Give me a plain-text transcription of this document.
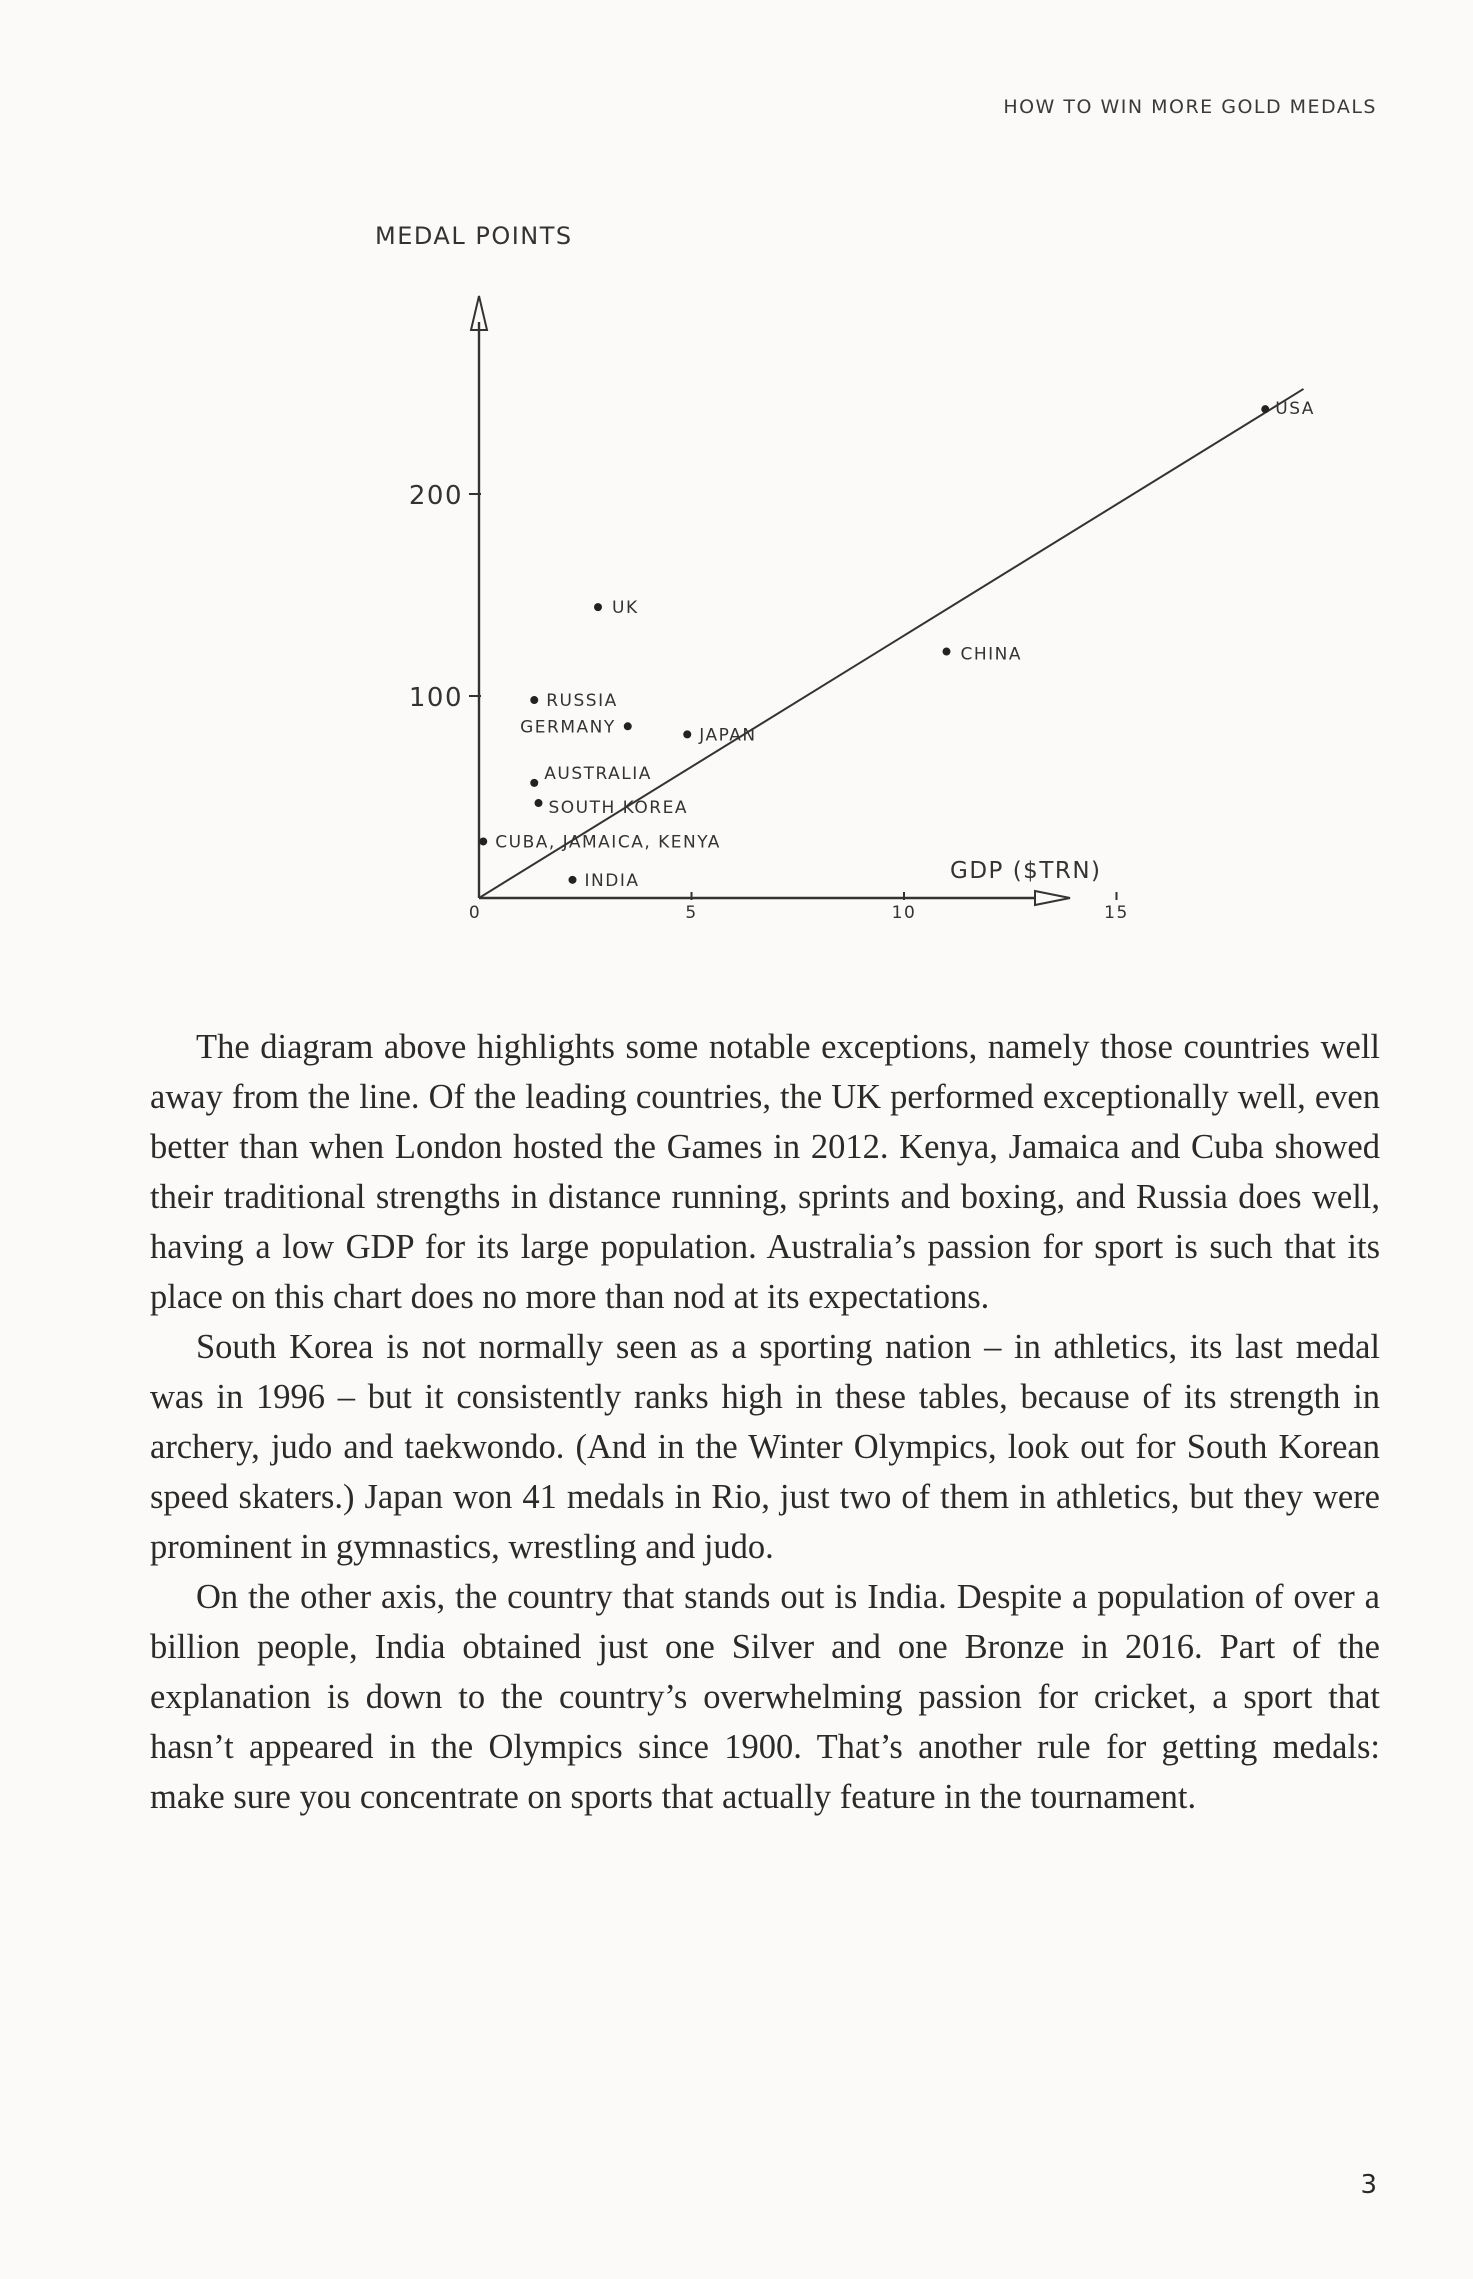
HOW TO WIN MORE GOLD MEDALS
MEDAL POINTS
GDP ($TRN)
0	5	10	15
100
200
USA
CHINA
UK
RUSSIA
GERMANY	JAPAN
AUSTRALIA
SOUTH KOREA
CUBA, JAMAICA, KENYA
INDIA

The diagram above highlights some notable exceptions, namely those countries well away from the line. Of the leading countries, the UK performed exceptionally well, even better than when London hosted the Games in 2012. Kenya, Jamaica and Cuba showed their traditional strengths in distance running, sprints and boxing, and Russia does well, having a low GDP for its large population. Australia’s passion for sport is such that its place on this chart does no more than nod at its expectations.

South Korea is not normally seen as a sporting nation – in athletics, its last medal was in 1996 – but it consistently ranks high in these tables, because of its strength in archery, judo and taekwondo. (And in the Winter Olympics, look out for South Korean speed skaters.) Japan won 41 medals in Rio, just two of them in athletics, but they were prominent in gymnastics, wrestling and judo.

On the other axis, the country that stands out is India. Despite a population of over a billion people, India obtained just one Silver and one Bronze in 2016. Part of the explanation is down to the country’s overwhelming passion for cricket, a sport that hasn’t appeared in the Olympics since 1900. That’s another rule for getting medals: make sure you concentrate on sports that actually feature in the tournament.

3
